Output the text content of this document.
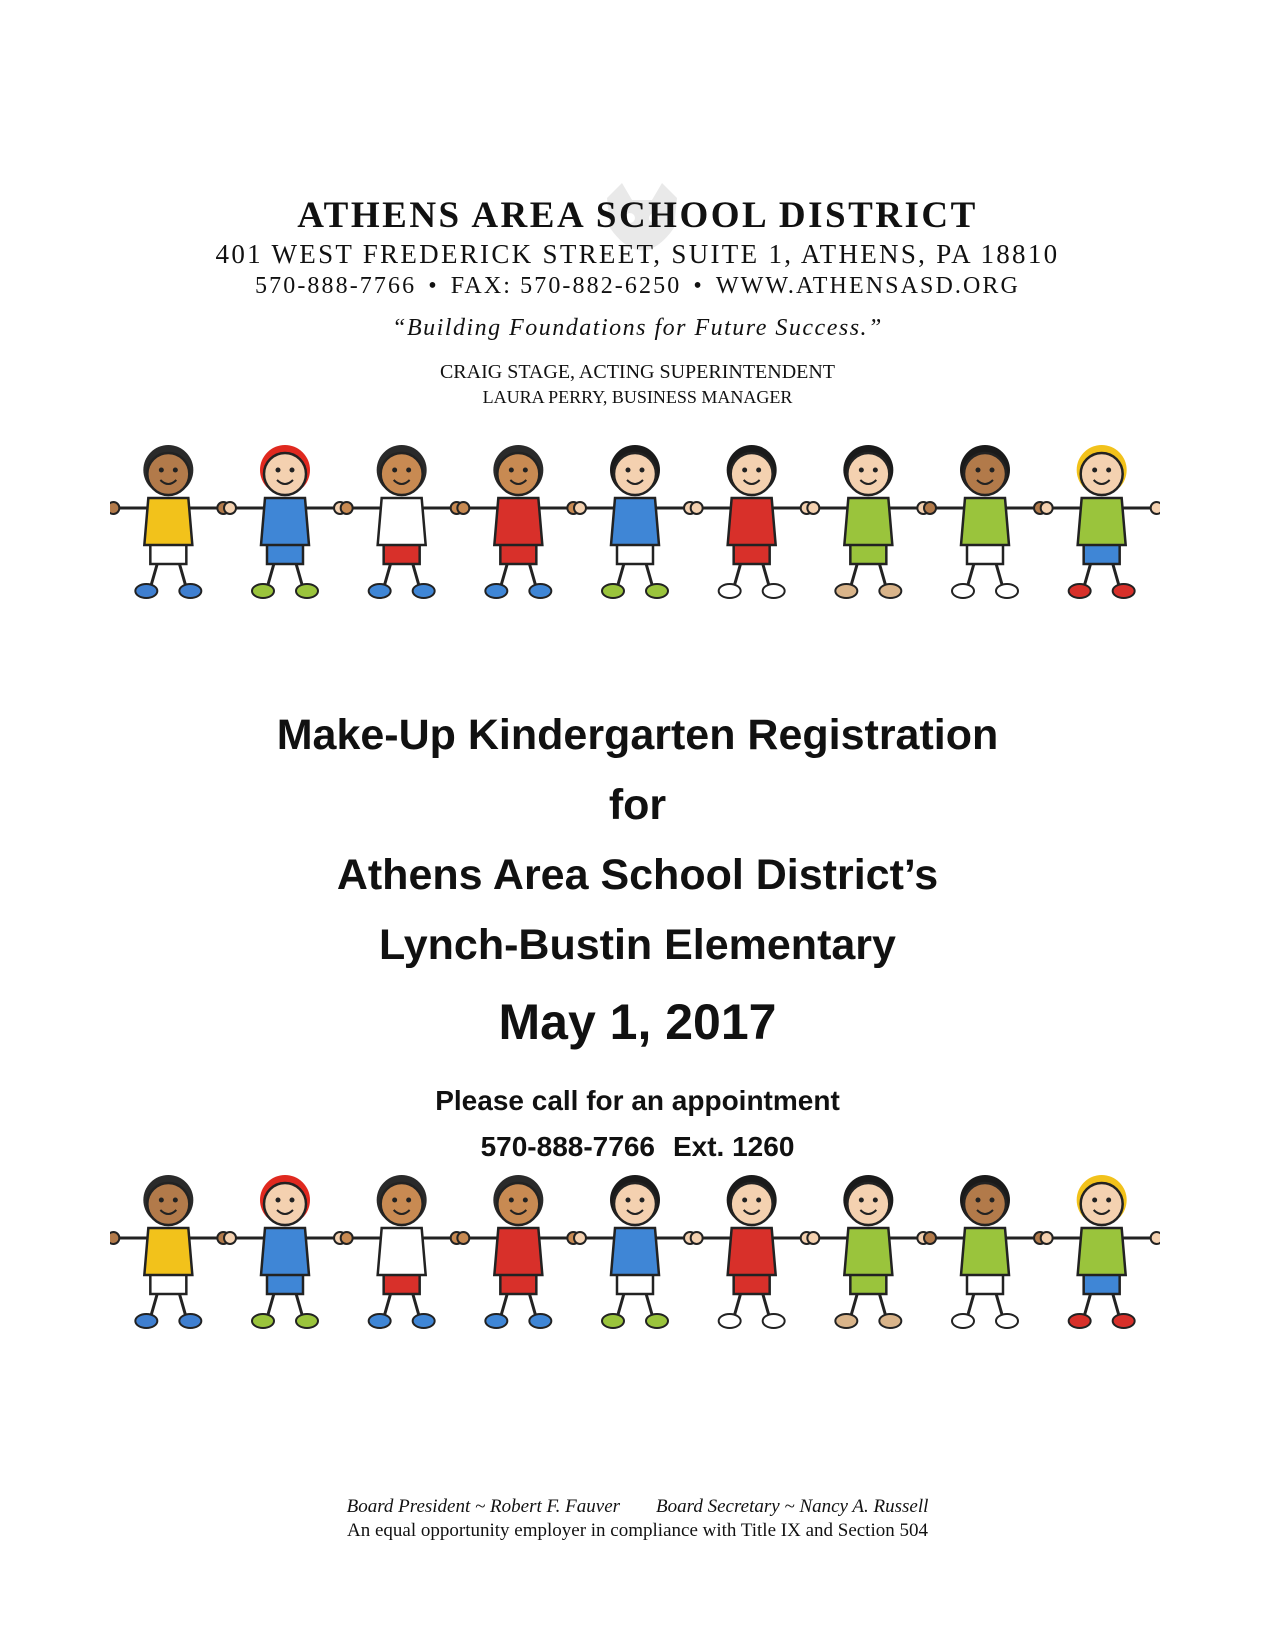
ATHENS AREA SCHOOL DISTRICT

401 WEST FREDERICK STREET, SUITE 1, ATHENS, PA 18810

570-888-7766 • FAX: 570-882-6250 • WWW.ATHENSASD.ORG

“Building Foundations for Future Success.”
CRAIG STAGE, ACTING SUPERINTENDENT
LAURA PERRY, BUSINESS MANAGER
Make-Up Kindergarten Registration
for
Athens Area School District’s
Lynch-Bustin Elementary
May 1, 2017
Please call for an appointment
570-888-7766 Ext. 1260
Board President ~ Robert F. Fauver Board Secretary ~ Nancy A. Russell
An equal opportunity employer in compliance with Title IX and Section 504
